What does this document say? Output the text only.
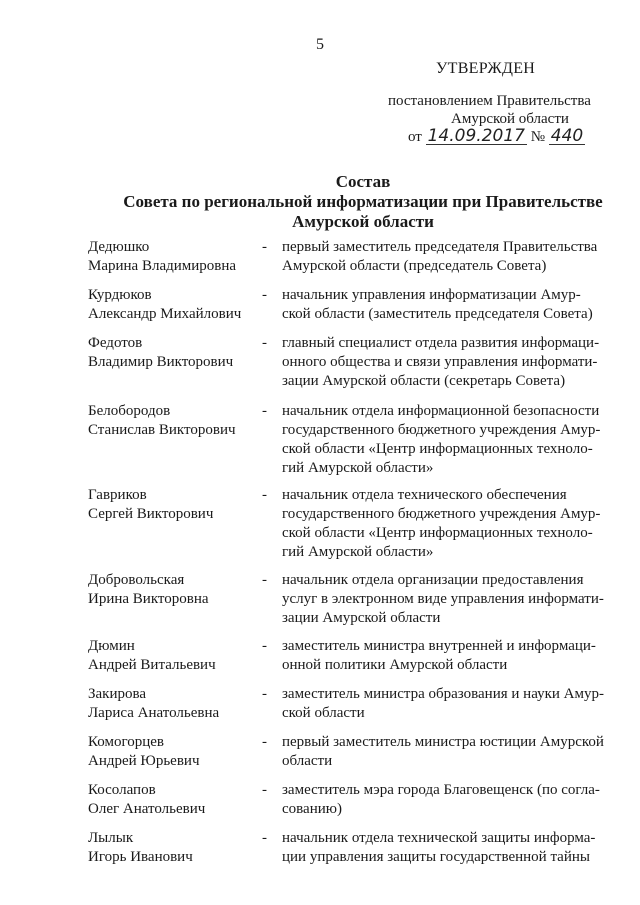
5
УТВЕРЖДЕН
постановлением Правительства
Амурской области
от 14.09.2017 № 440
Состав
Совета по региональной информатизации при Правительстве
Амурской области
Дедюшко
Марина Владимировна
- первый заместитель председателя Правительства
Амурской области (председатель Совета)
Курдюков
Александр Михайлович
- начальник управления информатизации Амур-
ской области (заместитель председателя Совета)
Федотов
Владимир Викторович
- главный специалист отдела развития информаци-
онного общества и связи управления информати-
зации Амурской области (секретарь Совета)
Белобородов
Станислав Викторович
- начальник отдела информационной безопасности
государственного бюджетного учреждения Амур-
ской области «Центр информационных техноло-
гий Амурской области»
Гавриков
Сергей Викторович
- начальник отдела технического обеспечения
государственного бюджетного учреждения Амур-
ской области «Центр информационных техноло-
гий Амурской области»
Добровольская
Ирина Викторовна
- начальник отдела организации предоставления
услуг в электронном виде управления информати-
зации Амурской области
Дюмин
Андрей Витальевич
- заместитель министра внутренней и информаци-
онной политики Амурской области
Закирова
Лариса Анатольевна
- заместитель министра образования и науки Амур-
ской области
Комогорцев
Андрей Юрьевич
- первый заместитель министра юстиции Амурской
области
Косолапов
Олег Анатольевич
- заместитель мэра города Благовещенск (по согла-
сованию)
Лылык
Игорь Иванович
- начальник отдела технической защиты информа-
ции управления защиты государственной тайны
